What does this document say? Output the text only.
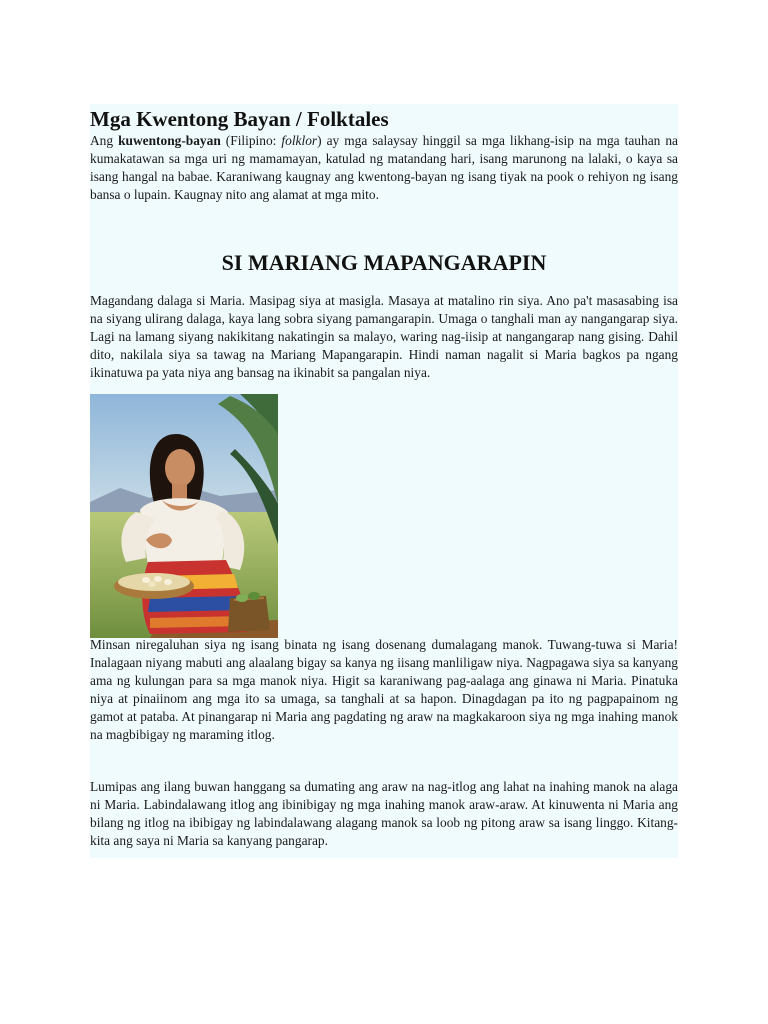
Mga Kwentong Bayan / Folktales

Ang kuwentong-bayan (Filipino: folklor) ay mga salaysay hinggil sa mga likhang-isip na mga tauhan na kumakatawan sa mga uri ng mamamayan, katulad ng matandang hari, isang marunong na lalaki, o kaya sa isang hangal na babae. Karaniwang kaugnay ang kwentong-bayan ng isang tiyak na pook o rehiyon ng isang bansa o lupain. Kaugnay nito ang alamat at mga mito.

SI MARIANG MAPANGARAPIN

Magandang dalaga si Maria. Masipag siya at masigla. Masaya at matalino rin siya. Ano pa't masasabing isa na siyang ulirang dalaga, kaya lang sobra siyang pamangarapin. Umaga o tanghali man ay nangangarap siya. Lagi na lamang siyang nakikitang nakatingin sa malayo, waring nag-iisip at nangangarap nang gising. Dahil dito, nakilala siya sa tawag na Mariang Mapangarapin. Hindi naman nagalit si Maria bagkos pa ngang ikinatuwa pa yata niya ang bansag na ikinabit sa pangalan niya.

Minsan niregaluhan siya ng isang binata ng isang dosenang dumalagang manok. Tuwang-tuwa si Maria! Inalagaan niyang mabuti ang alaalang bigay sa kanya ng iisang manliligaw niya. Nagpagawa siya sa kanyang ama ng kulungan para sa mga manok niya. Higit sa karaniwang pag-aalaga ang ginawa ni Maria. Pinatuka niya at pinaiinom ang mga ito sa umaga, sa tanghali at sa hapon. Dinagdagan pa ito ng pagpapainom ng gamot at pataba. At pinangarap ni Maria ang pagdating ng araw na magkakaroon siya ng mga inahing manok na magbibigay ng maraming itlog.

Lumipas ang ilang buwan hanggang sa dumating ang araw na nag-itlog ang lahat na inahing manok na alaga ni Maria. Labindalawang itlog ang ibinibigay ng mga inahing manok araw-araw. At kinuwenta ni Maria ang bilang ng itlog na ibibigay ng labindalawang alagang manok sa loob ng pitong araw sa isang linggo. Kitang-kita ang saya ni Maria sa kanyang pangarap.
